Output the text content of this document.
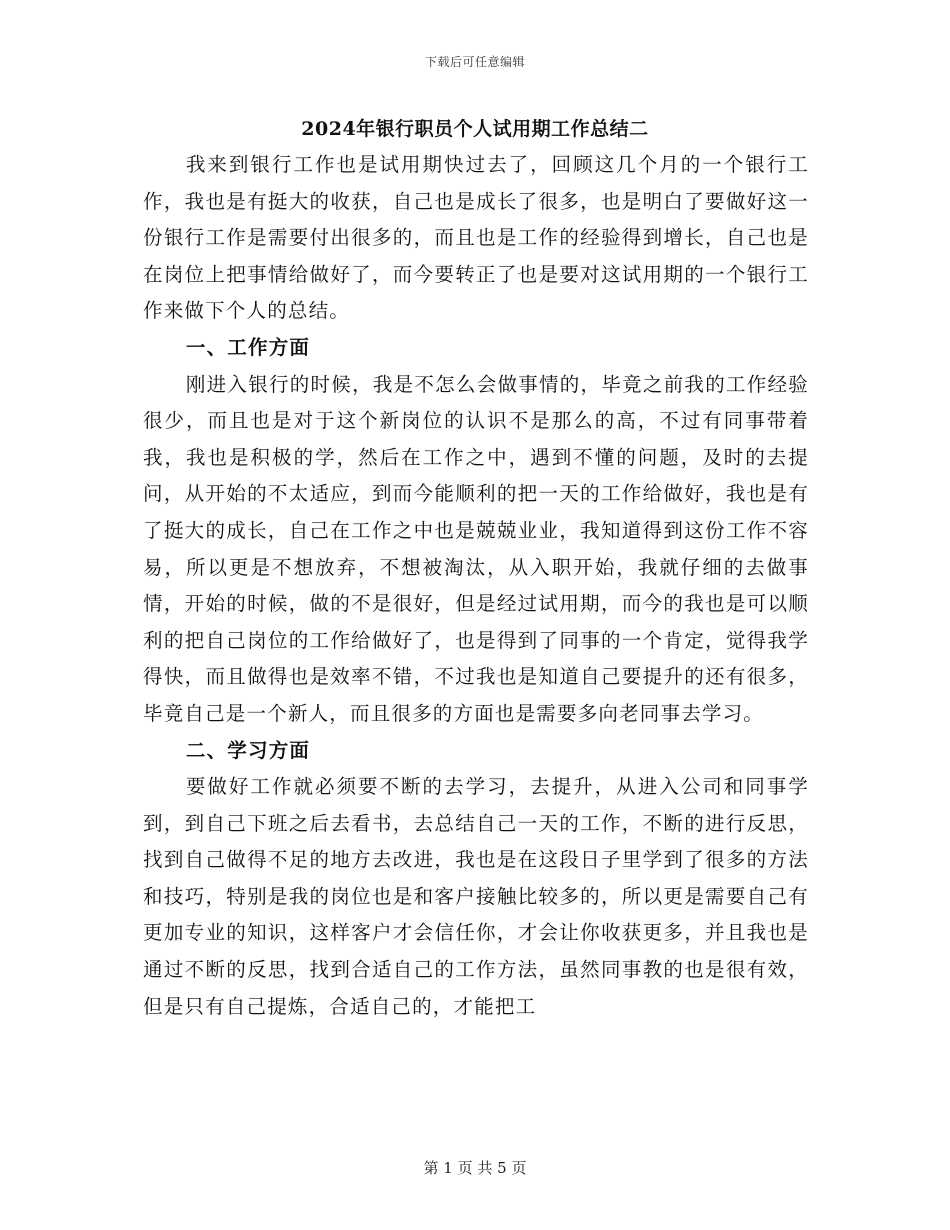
下载后可任意编辑
2024年银行职员个人试用期工作总结二

我来到银行工作也是试用期快过去了，回顾这几个月的一个银行工作，我也是有挺大的收获，自己也是成长了很多，也是明白了要做好这一份银行工作是需要付出很多的，而且也是工作的经验得到增长，自己也是在岗位上把事情给做好了，而今要转正了也是要对这试用期的一个银行工作来做下个人的总结。

一、工作方面

刚进入银行的时候，我是不怎么会做事情的，毕竟之前我的工作经验很少，而且也是对于这个新岗位的认识不是那么的高，不过有同事带着我，我也是积极的学，然后在工作之中，遇到不懂的问题，及时的去提问，从开始的不太适应，到而今能顺利的把一天的工作给做好，我也是有了挺大的成长，自己在工作之中也是兢兢业业，我知道得到这份工作不容易，所以更是不想放弃，不想被淘汰，从入职开始，我就仔细的去做事情，开始的时候，做的不是很好，但是经过试用期，而今的我也是可以顺利的把自己岗位的工作给做好了，也是得到了同事的一个肯定，觉得我学得快，而且做得也是效率不错，不过我也是知道自己要提升的还有很多，毕竟自己是一个新人，而且很多的方面也是需要多向老同事去学习。

二、学习方面

要做好工作就必须要不断的去学习，去提升，从进入公司和同事学到，到自己下班之后去看书，去总结自己一天的工作，不断的进行反思，找到自己做得不足的地方去改进，我也是在这段日子里学到了很多的方法和技巧，特别是我的岗位也是和客户接触比较多的，所以更是需要自己有更加专业的知识，这样客户才会信任你，才会让你收获更多，并且我也是通过不断的反思，找到合适自己的工作方法，虽然同事教的也是很有效，但是只有自己提炼，合适自己的，才能把工

第 1 页 共 5 页
